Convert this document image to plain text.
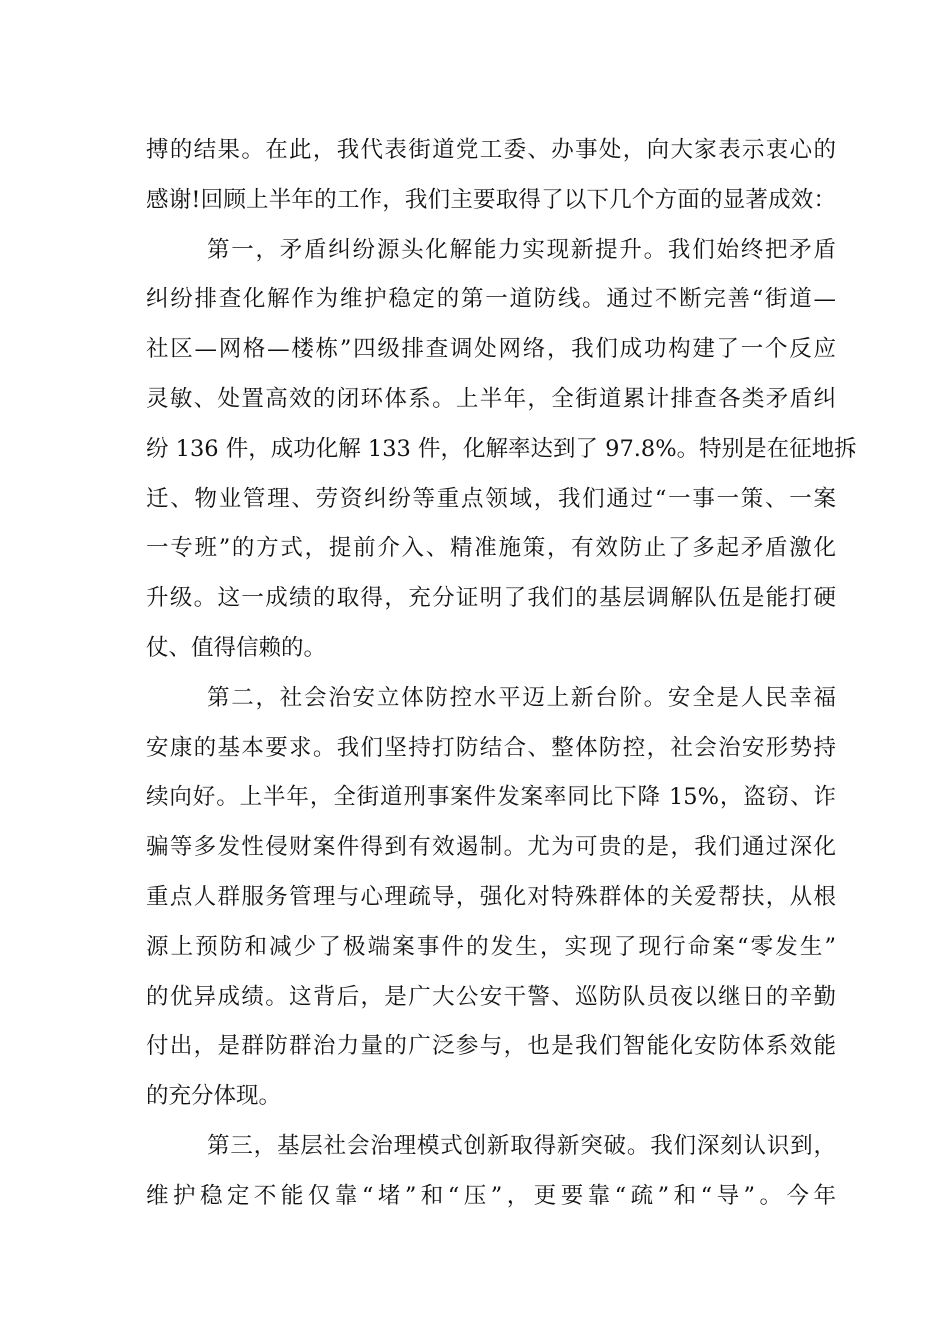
搏的结果。在此，我代表街道党工委、办事处，向大家表示衷心的
感谢!回顾上半年的工作，我们主要取得了以下几个方面的显著成效：
第一，矛盾纠纷源头化解能力实现新提升。我们始终把矛盾
纠纷排查化解作为维护稳定的第一道防线。通过不断完善“街道—
社区—网格—楼栋”四级排查调处网络，我们成功构建了一个反应
灵敏、处置高效的闭环体系。上半年，全街道累计排查各类矛盾纠
纷 136 件，成功化解 133 件，化解率达到了 97.8%。特别是在征地拆
迁、物业管理、劳资纠纷等重点领域，我们通过“一事一策、一案
一专班”的方式，提前介入、精准施策，有效防止了多起矛盾激化
升级。这一成绩的取得，充分证明了我们的基层调解队伍是能打硬
仗、值得信赖的。
第二，社会治安立体防控水平迈上新台阶。安全是人民幸福
安康的基本要求。我们坚持打防结合、整体防控，社会治安形势持
续向好。上半年，全街道刑事案件发案率同比下降 15%，盗窃、诈
骗等多发性侵财案件得到有效遏制。尤为可贵的是，我们通过深化
重点人群服务管理与心理疏导，强化对特殊群体的关爱帮扶，从根
源上预防和减少了极端案事件的发生，实现了现行命案“零发生”
的优异成绩。这背后，是广大公安干警、巡防队员夜以继日的辛勤
付出，是群防群治力量的广泛参与，也是我们智能化安防体系效能
的充分体现。
第三，基层社会治理模式创新取得新突破。我们深刻认识到，
维护稳定不能仅靠“堵”和“压”，更要靠“疏”和“导”。今年
